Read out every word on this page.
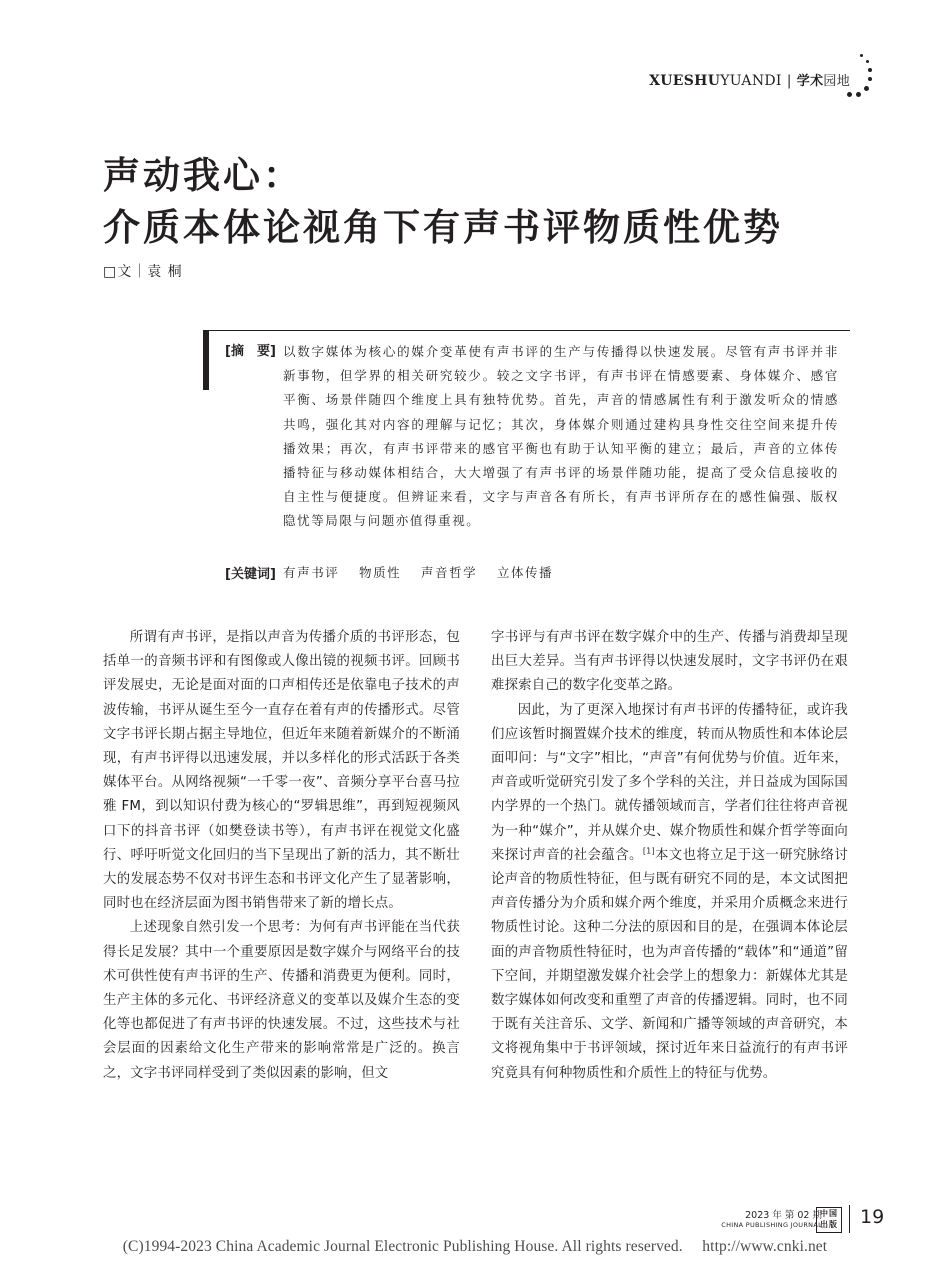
XUESHUYUANDI | 学术园地
声动我心：
介质本体论视角下有声书评物质性优势
□文｜袁 桐
[摘　要] 以数字媒体为核心的媒介变革使有声书评的生产与传播得以快速发展。尽管有声书评并非新事物，但学界的相关研究较少。较之文字书评，有声书评在情感要素、身体媒介、感官平衡、场景伴随四个维度上具有独特优势。首先，声音的情感属性有利于激发听众的情感共鸣，强化其对内容的理解与记忆；其次，身体媒介则通过建构具身性交往空间来提升传播效果；再次，有声书评带来的感官平衡也有助于认知平衡的建立；最后，声音的立体传播特征与移动媒体相结合，大大增强了有声书评的场景伴随功能，提高了受众信息接收的自主性与便捷度。但辨证来看，文字与声音各有所长，有声书评所存在的感性偏强、版权隐忧等局限与问题亦值得重视。

[关键词] 有声书评 物质性 声音哲学 立体传播

所谓有声书评，是指以声音为传播介质的书评形态，包括单一的音频书评和有图像或人像出镜的视频书评。回顾书评发展史，无论是面对面的口声相传还是依靠电子技术的声波传输，书评从诞生至今一直存在着有声的传播形式。尽管文字书评长期占据主导地位，但近年来随着新媒介的不断涌现，有声书评得以迅速发展，并以多样化的形式活跃于各类媒体平台。从网络视频“一千零一夜”、音频分享平台喜马拉雅 FM，到以知识付费为核心的“罗辑思维”，再到短视频风口下的抖音书评（如樊登读书等），有声书评在视觉文化盛行、呼吁听觉文化回归的当下呈现出了新的活力，其不断壮大的发展态势不仅对书评生态和书评文化产生了显著影响，同时也在经济层面为图书销售带来了新的增长点。

上述现象自然引发一个思考：为何有声书评能在当代获得长足发展？其中一个重要原因是数字媒介与网络平台的技术可供性使有声书评的生产、传播和消费更为便利。同时，生产主体的多元化、书评经济意义的变革以及媒介生态的变化等也都促进了有声书评的快速发展。不过，这些技术与社会层面的因素给文化生产带来的影响常常是广泛的。换言之，文字书评同样受到了类似因素的影响，但文

字书评与有声书评在数字媒介中的生产、传播与消费却呈现出巨大差异。当有声书评得以快速发展时，文字书评仍在艰难探索自己的数字化变革之路。

因此，为了更深入地探讨有声书评的传播特征，或许我们应该暂时搁置媒介技术的维度，转而从物质性和本体论层面叩问：与“文字”相比，“声音”有何优势与价值。近年来，声音或听觉研究引发了多个学科的关注，并日益成为国际国内学界的一个热门。就传播领域而言，学者们往往将声音视为一种“媒介”，并从媒介史、媒介物质性和媒介哲学等面向来探讨声音的社会蕴含。[1]本文也将立足于这一研究脉络讨论声音的物质性特征，但与既有研究不同的是，本文试图把声音传播分为介质和媒介两个维度，并采用介质概念来进行物质性讨论。这种二分法的原因和目的是，在强调本体论层面的声音物质性特征时，也为声音传播的“载体”和“通道”留下空间，并期望激发媒介社会学上的想象力：新媒体尤其是数字媒体如何改变和重塑了声音的传播逻辑。同时，也不同于既有关注音乐、文学、新闻和广播等领域的声音研究，本文将视角集中于书评领域，探讨近年来日益流行的有声书评究竟具有何种物质性和介质性上的特征与优势。

2023 年 第 02 期
CHINA PUBLISHING JOURNAL
中国
出版 19
(C)1994-2023 China Academic Journal Electronic Publishing House. All rights reserved.　 http://www.cnki.net
